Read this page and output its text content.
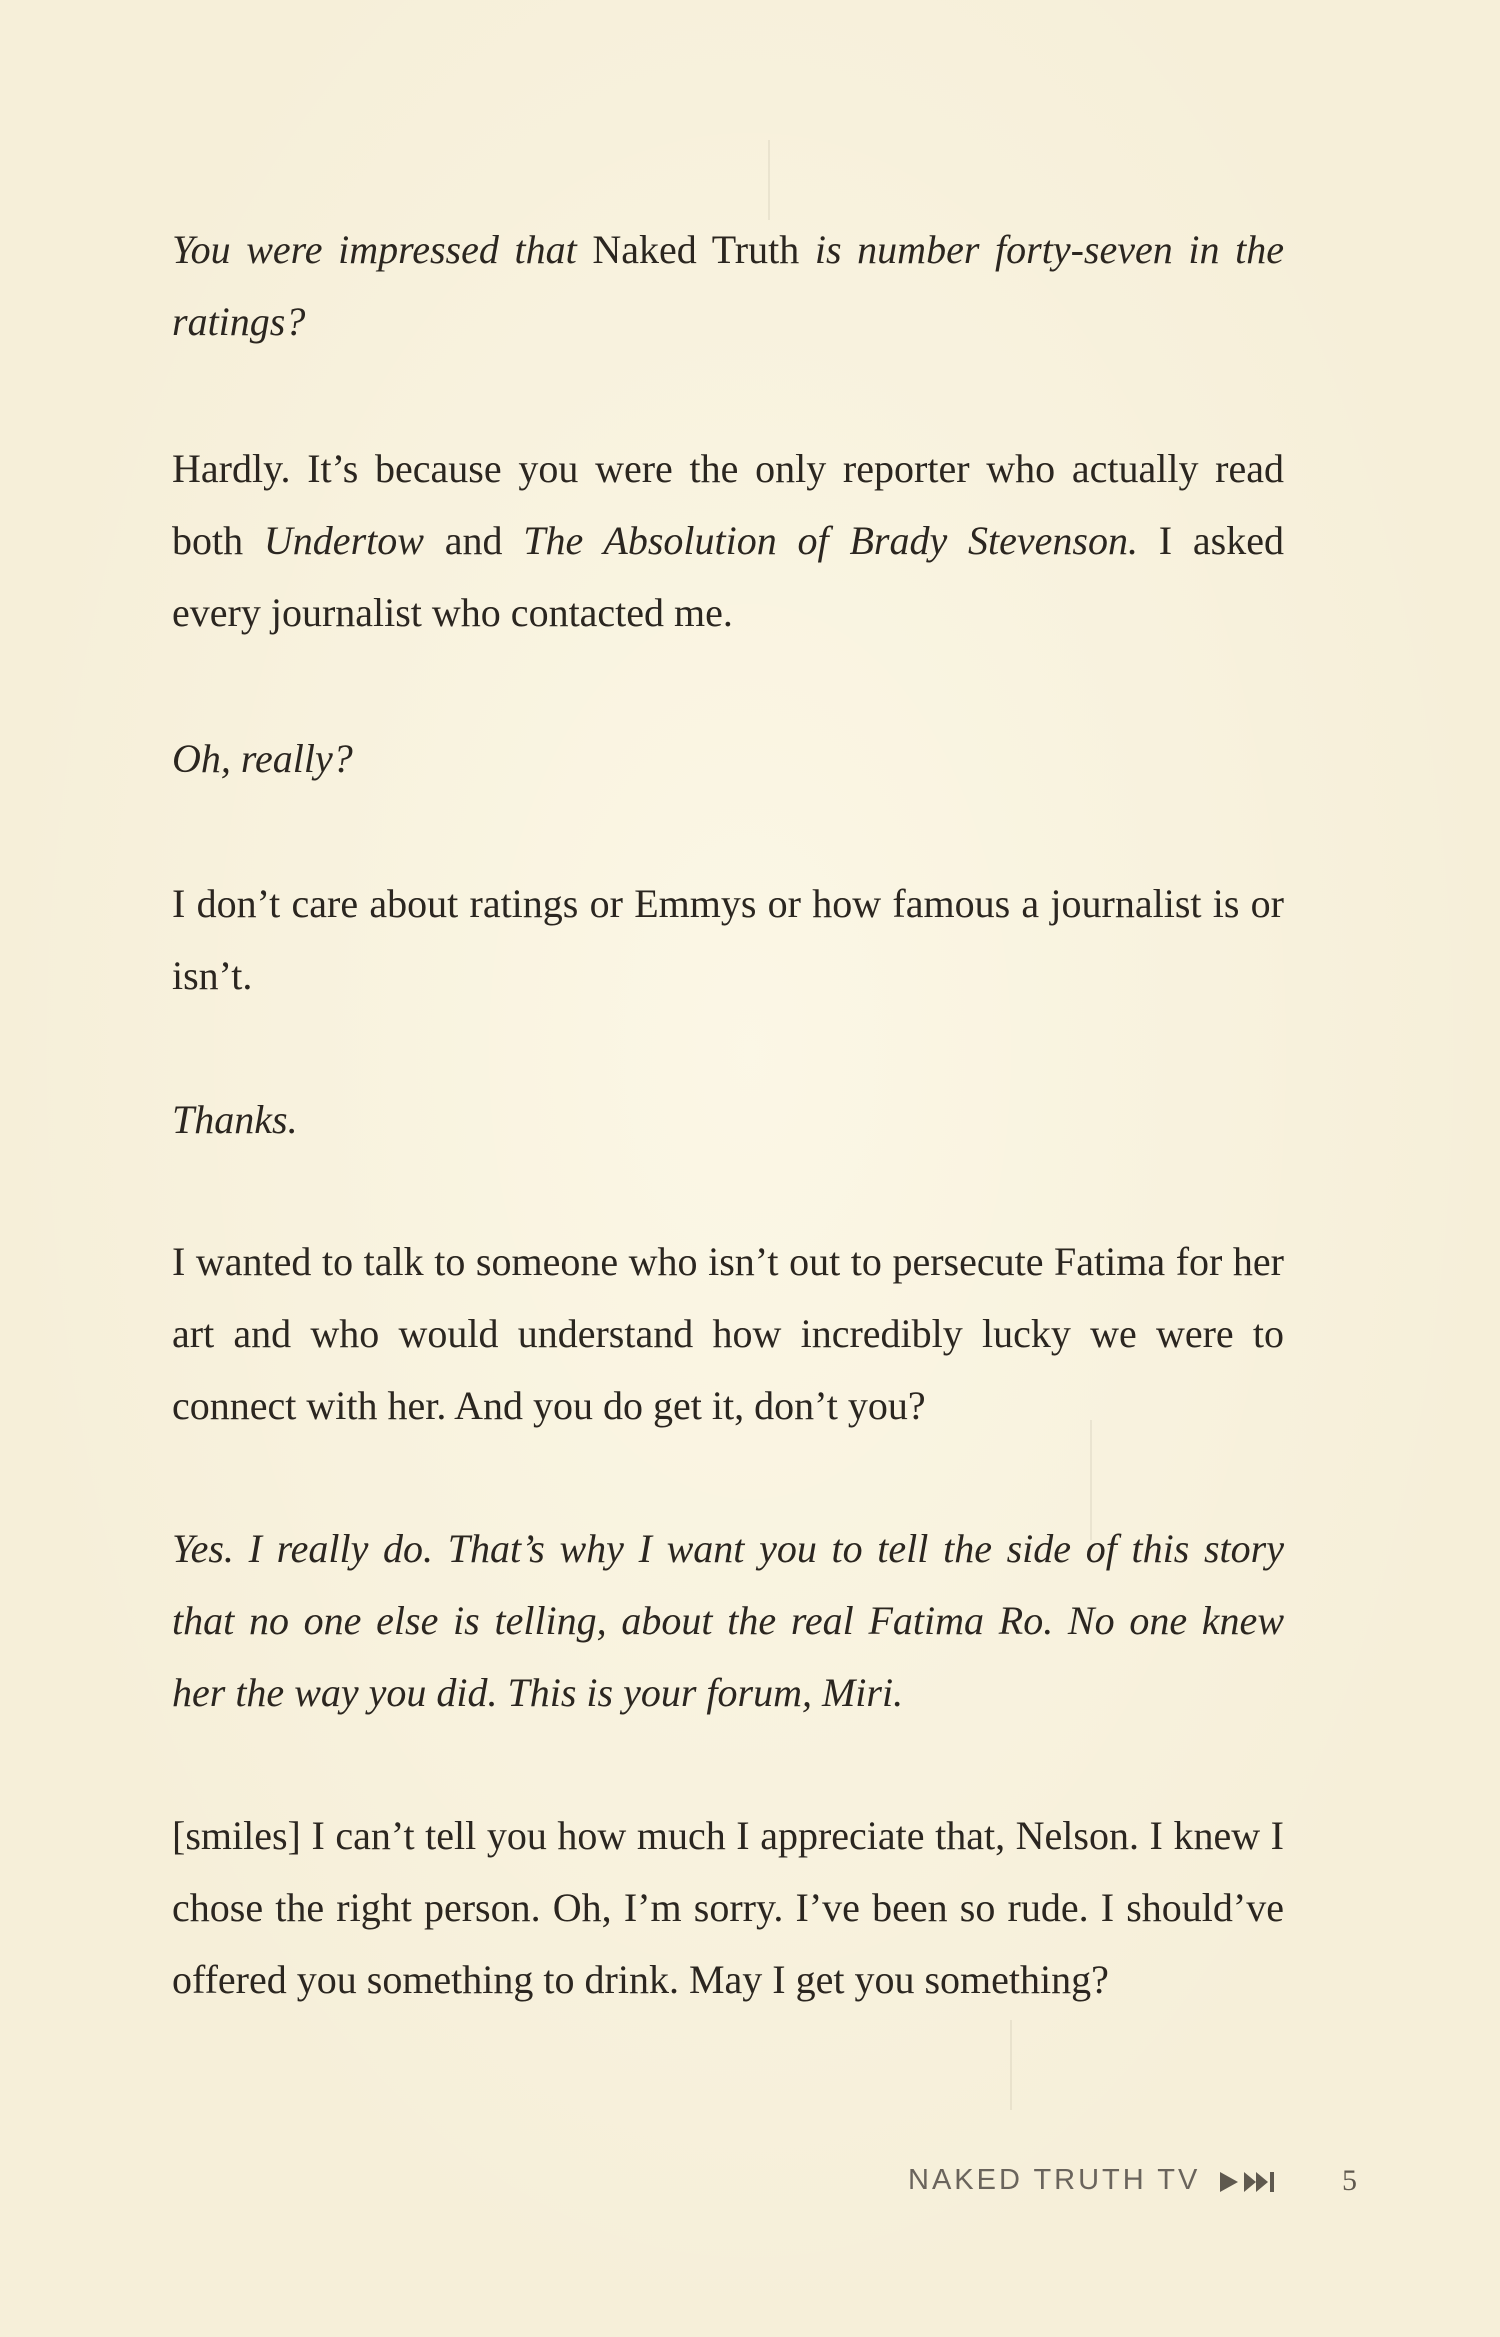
You were impressed that Naked Truth is number forty-seven in the ratings?
Hardly. It’s because you were the only reporter who actually read both Undertow and The Absolution of Brady Stevenson. I asked every journalist who contacted me.
Oh, really?
I don’t care about ratings or Emmys or how famous a journalist is or isn’t.
Thanks.
I wanted to talk to someone who isn’t out to persecute Fatima for her art and who would understand how incredibly lucky we were to connect with her. And you do get it, don’t you?
Yes. I really do. That’s why I want you to tell the side of this story that no one else is telling, about the real Fatima Ro. No one knew her the way you did. This is your forum, Miri.
[smiles] I can’t tell you how much I appreciate that, Nelson. I knew I chose the right person. Oh, I’m sorry. I’ve been so rude. I should’ve offered you something to drink. May I get you something?
NAKED TRUTH TV	5
